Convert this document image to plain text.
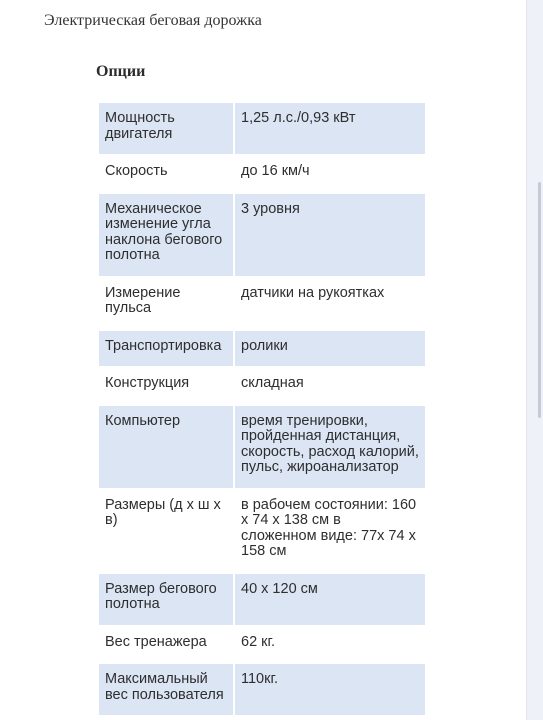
Электрическая беговая дорожка
Опции
Мощность двигателя	1,25 л.с./0,93 кВт
Скорость	до 16 км/ч
Механическое изменение угла наклона бегового полотна	3 уровня
Измерение пульса	датчики на рукоятках
Транспортировка	ролики
Конструкция	складная
Компьютер	время тренировки, пройденная дистанция, скорость, расход калорий, пульс, жироанализатор
Размеры (д х ш х в)	в рабочем состоянии: 160 х 74 х 138 см в сложенном виде: 77х 74 х 158 см
Размер бегового полотна	40 х 120 см
Вес тренажера	62 кг.
Максимальный вес пользователя	110кг.
